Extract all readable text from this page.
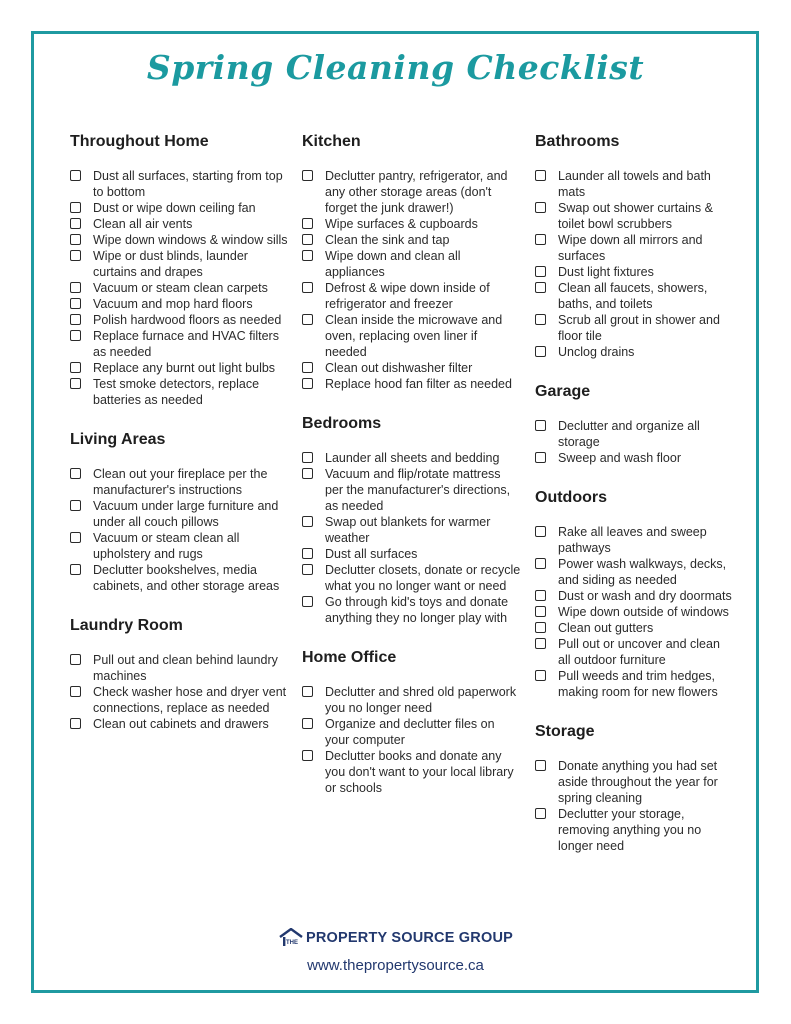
Spring Cleaning Checklist
Throughout Home
Dust all surfaces, starting from top to bottom
Dust or wipe down ceiling fan
Clean all air vents
Wipe down windows & window sills
Wipe or dust blinds, launder curtains and drapes
Vacuum or steam clean carpets
Vacuum and mop hard floors
Polish hardwood floors as needed
Replace furnace and HVAC filters as needed
Replace any burnt out light bulbs
Test smoke detectors, replace batteries as needed
Living Areas
Clean out your fireplace per the manufacturer's instructions
Vacuum under large furniture and under all couch pillows
Vacuum or steam clean all upholstery and rugs
Declutter bookshelves, media cabinets, and other storage areas
Laundry Room
Pull out and clean behind laundry machines
Check washer hose and dryer vent connections, replace as needed
Clean out cabinets and drawers
Kitchen
Declutter pantry, refrigerator, and any other storage areas (don't forget the junk drawer!)
Wipe surfaces & cupboards
Clean the sink and tap
Wipe down and clean all appliances
Defrost & wipe down inside of refrigerator and freezer
Clean inside the microwave and oven, replacing oven liner if needed
Clean out dishwasher filter
Replace hood fan filter as needed
Bedrooms
Launder all sheets and bedding
Vacuum and flip/rotate mattress per the manufacturer's directions, as needed
Swap out blankets for warmer weather
Dust all surfaces
Declutter closets, donate or recycle what you no longer want or need
Go through kid's toys and donate anything they no longer play with
Home Office
Declutter and shred old paperwork you no longer need
Organize and declutter files on your computer
Declutter books and donate any you don't want to your local library or schools
Bathrooms
Launder all towels and bath mats
Swap out shower curtains & toilet bowl scrubbers
Wipe down all mirrors and surfaces
Dust light fixtures
Clean all faucets, showers, baths, and toilets
Scrub all grout in shower and floor tile
Unclog drains
Garage
Declutter and organize all storage
Sweep and wash floor
Outdoors
Rake all leaves and sweep pathways
Power wash walkways, decks, and siding as needed
Dust or wash and dry doormats
Wipe down outside of windows
Clean out gutters
Pull out or uncover and clean all outdoor furniture
Pull weeds and trim hedges, making room for new flowers
Storage
Donate anything you had set aside throughout the year for spring cleaning
Declutter your storage, removing anything you no longer need
THE PROPERTY SOURCE GROUP
www.thepropertysource.ca
